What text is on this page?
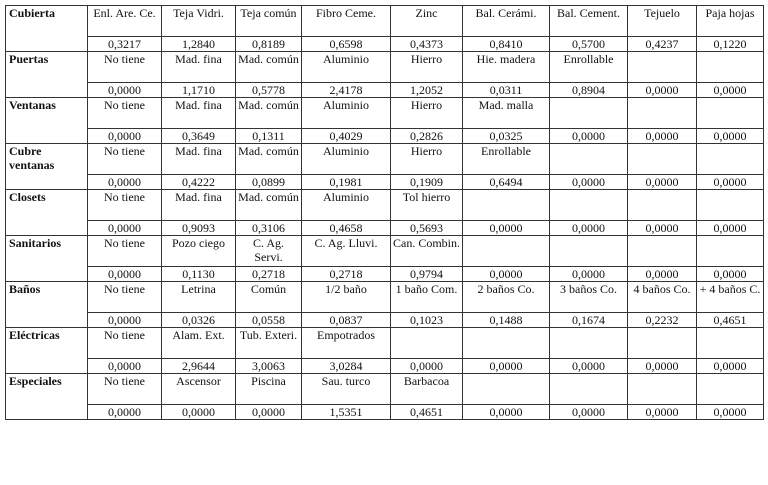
Cubierta	Enl. Are. Ce.	Teja Vidri.	Teja común	Fibro Ceme.	Zinc	Bal. Cerámi.	Bal. Cement.	Tejuelo	Paja hojas
	0,3217	1,2840	0,8189	0,6598	0,4373	0,8410	0,5700	0,4237	0,1220
Puertas	No tiene	Mad. fina	Mad. común	Aluminio	Hierro	Hie. madera	Enrollable		
	0,0000	1,1710	0,5778	2,4178	1,2052	0,0311	0,8904	0,0000	0,0000
Ventanas	No tiene	Mad. fina	Mad. común	Aluminio	Hierro	Mad. malla			
	0,0000	0,3649	0,1311	0,4029	0,2826	0,0325	0,0000	0,0000	0,0000
Cubre ventanas	No tiene	Mad. fina	Mad. común	Aluminio	Hierro	Enrollable			
	0,0000	0,4222	0,0899	0,1981	0,1909	0,6494	0,0000	0,0000	0,0000
Closets	No tiene	Mad. fina	Mad. común	Aluminio	Tol hierro				
	0,0000	0,9093	0,3106	0,4658	0,5693	0,0000	0,0000	0,0000	0,0000
Sanitarios	No tiene	Pozo ciego	C. Ag. Servi.	C. Ag. Lluvi.	Can. Combin.				
	0,0000	0,1130	0,2718	0,2718	0,9794	0,0000	0,0000	0,0000	0,0000
Baños	No tiene	Letrina	Común	1/2 baño	1 baño Com.	2 baños Co.	3 baños Co.	4 baños Co.	+ 4 baños C.
	0,0000	0,0326	0,0558	0,0837	0,1023	0,1488	0,1674	0,2232	0,4651
Eléctricas	No tiene	Alam. Ext.	Tub. Exteri.	Empotrados					
	0,0000	2,9644	3,0063	3,0284	0,0000	0,0000	0,0000	0,0000	0,0000
Especiales	No tiene	Ascensor	Piscina	Sau. turco	Barbacoa				
	0,0000	0,0000	0,0000	1,5351	0,4651	0,0000	0,0000	0,0000	0,0000
